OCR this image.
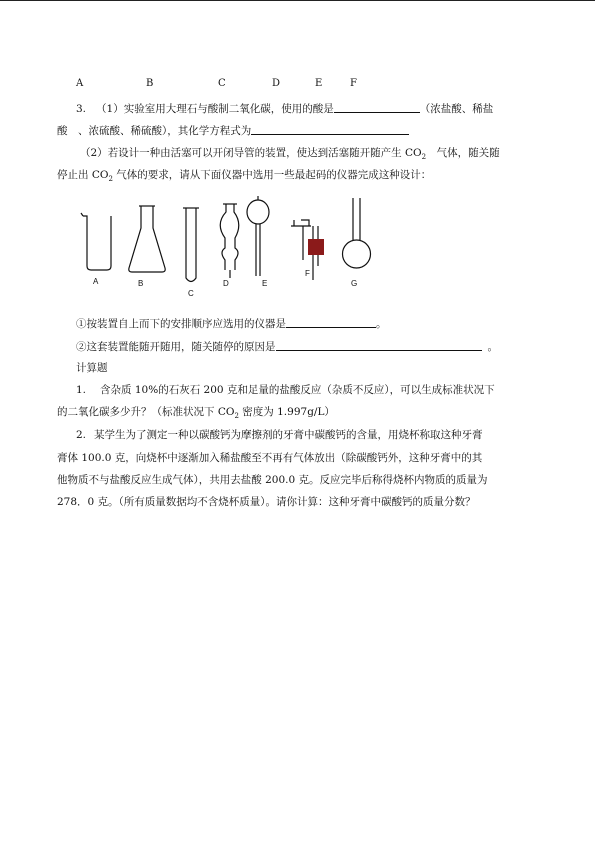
A	B	C	D	E	F
3. （1）实验室用大理石与酸制二氧化碳，使用的酸是	（浓盐酸、稀盐
酸　、浓硫酸、稀硫酸），其化学方程式为
（2）若设计一种由活塞可以开闭导管的装置，使达到活塞随开随产生 $CO_2$　气体，随关随
停止出 $CO_2$ 气体的要求，请从下面仪器中选用一些最起码的仪器完成这种设计：
A	B
C
D	E
F
G
①按装置自上而下的安排顺序应选用的仪器是	。
②这套装置能随开随用，随关随停的原因是	。
计算题
1. 含杂质 10%的石灰石 200 克和足量的盐酸反应（杂质不反应），可以生成标准状况下
的二氧化碳多少升？（标准状况下 $CO_2$ 密度为 1.997g/L）
2. 某学生为了测定一种以碳酸钙为摩擦剂的牙膏中碳酸钙的含量，用烧杯称取这种牙膏
膏体 100.0 克，向烧杯中逐渐加入稀盐酸至不再有气体放出（除碳酸钙外，这种牙膏中的其
他物质不与盐酸反应生成气体），共用去盐酸 200.0 克。反应完毕后称得烧杯内物质的质量为
278．0 克。（所有质量数据均不含烧杯质量）。请你计算：这种牙膏中碳酸钙的质量分数？
